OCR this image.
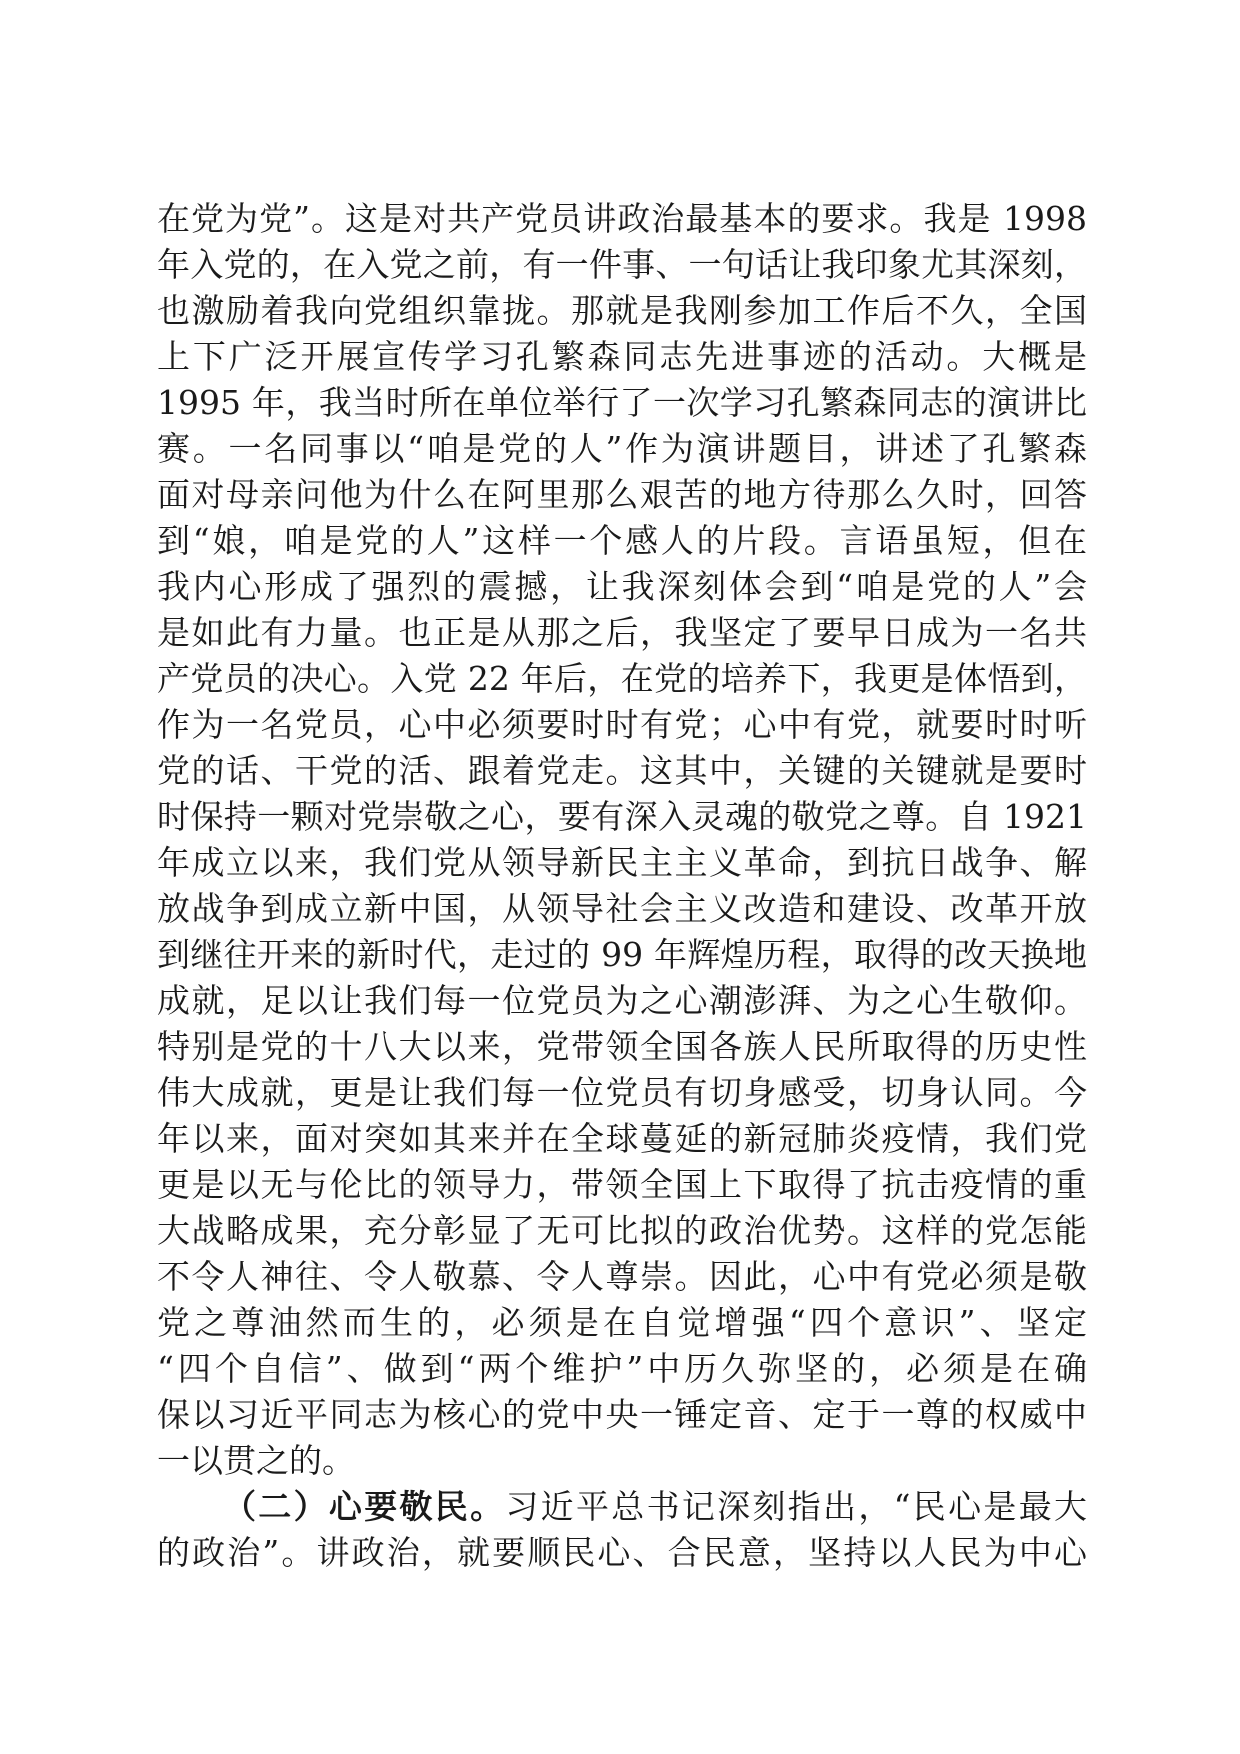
在党为党”。这是对共产党员讲政治最基本的要求。我是 1998
年入党的，在入党之前，有一件事、一句话让我印象尤其深刻，
也激励着我向党组织靠拢。那就是我刚参加工作后不久，全国
上下广泛开展宣传学习孔繁森同志先进事迹的活动。大概是
1995 年，我当时所在单位举行了一次学习孔繁森同志的演讲比
赛。一名同事以“咱是党的人”作为演讲题目，讲述了孔繁森
面对母亲问他为什么在阿里那么艰苦的地方待那么久时，回答
到“娘，咱是党的人”这样一个感人的片段。言语虽短，但在
我内心形成了强烈的震撼，让我深刻体会到“咱是党的人”会
是如此有力量。也正是从那之后，我坚定了要早日成为一名共
产党员的决心。入党 22 年后，在党的培养下，我更是体悟到，
作为一名党员，心中必须要时时有党；心中有党，就要时时听
党的话、干党的活、跟着党走。这其中，关键的关键就是要时
时保持一颗对党崇敬之心，要有深入灵魂的敬党之尊。自 1921
年成立以来，我们党从领导新民主主义革命，到抗日战争、解
放战争到成立新中国，从领导社会主义改造和建设、改革开放
到继往开来的新时代，走过的 99 年辉煌历程，取得的改天换地
成就，足以让我们每一位党员为之心潮澎湃、为之心生敬仰。
特别是党的十八大以来，党带领全国各族人民所取得的历史性
伟大成就，更是让我们每一位党员有切身感受，切身认同。今
年以来，面对突如其来并在全球蔓延的新冠肺炎疫情，我们党
更是以无与伦比的领导力，带领全国上下取得了抗击疫情的重
大战略成果，充分彰显了无可比拟的政治优势。这样的党怎能
不令人神往、令人敬慕、令人尊崇。因此，心中有党必须是敬
党之尊油然而生的，必须是在自觉增强“四个意识”、坚定
“四个自信”、做到“两个维护”中历久弥坚的，必须是在确
保以习近平同志为核心的党中央一锤定音、定于一尊的权威中
一以贯之的。
（二）心要敬民。习近平总书记深刻指出，“民心是最大
的政治”。讲政治，就要顺民心、合民意，坚持以人民为中心
